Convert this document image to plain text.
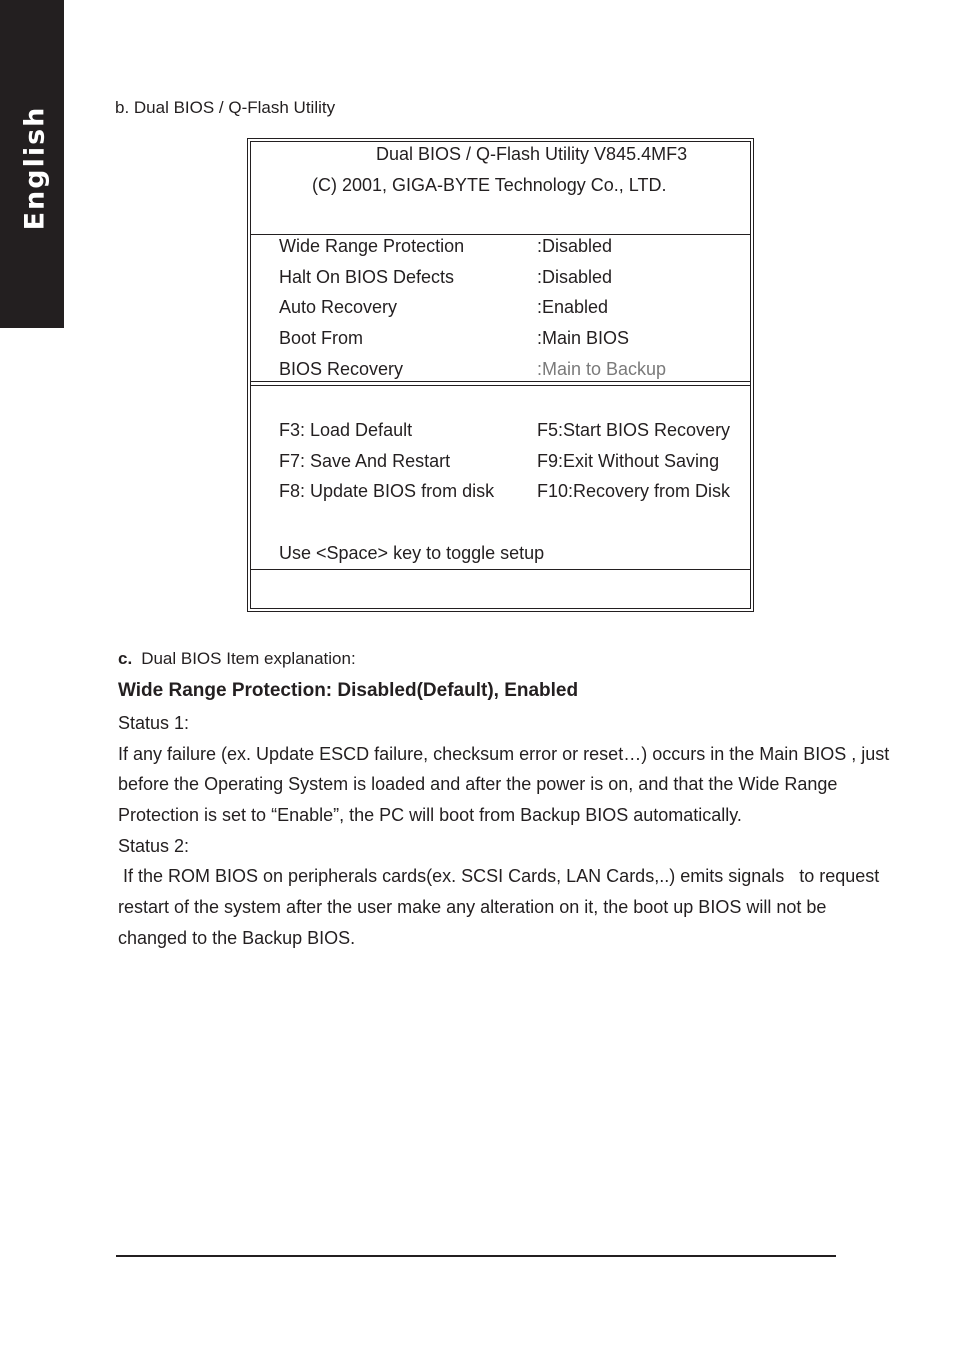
English	b. Dual BIOS / Q-Flash Utility
Dual BIOS / Q-Flash Utility V845.4MF3
(C) 2001, GIGA-BYTE Technology Co., LTD.
Wide Range Protection	:Disabled
Halt On BIOS Defects	:Disabled
Auto Recovery	:Enabled
Boot From	:Main BIOS
BIOS Recovery	:Main to Backup
F3: Load Default	F5:Start BIOS Recovery
F7: Save And Restart	F9:Exit Without Saving
F8: Update BIOS from disk F10:Recovery from Disk
Use <Space> key to toggle setup
c. Dual BIOS Item explanation:
Wide Range Protection: Disabled(Default), Enabled
Status 1:
If any failure (ex. Update ESCD failure, checksum error or reset…) occurs in the Main BIOS , just
before the Operating System is loaded and after the power is on, and that the Wide Range
Protection is set to “Enable”, the PC will boot from Backup BIOS automatically.
Status 2:
If the ROM BIOS on peripherals cards(ex. SCSI Cards, LAN Cards,..) emits signals   to request
restart of the system after the user make any alteration on it, the boot up BIOS will not be
changed to the Backup BIOS.
